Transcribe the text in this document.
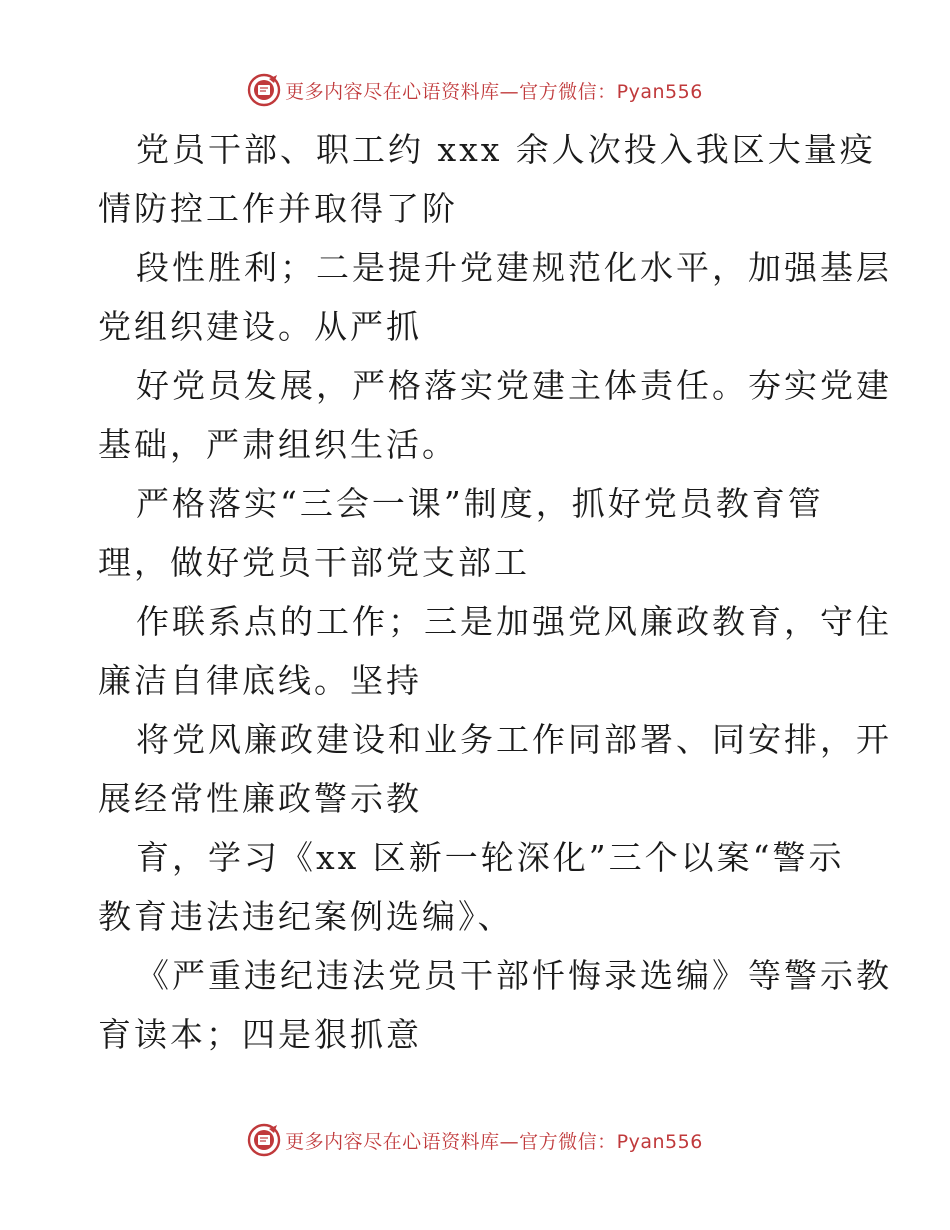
更多内容尽在心语资料库—官方微信：Pyan556
党员干部、职工约 xxx 余人次投入我区大量疫
情防控工作并取得了阶
段性胜利；二是提升党建规范化水平，加强基层
党组织建设。从严抓
好党员发展，严格落实党建主体责任。夯实党建
基础，严肃组织生活。
严格落实“三会一课”制度，抓好党员教育管
理，做好党员干部党支部工
作联系点的工作；三是加强党风廉政教育，守住
廉洁自律底线。坚持
将党风廉政建设和业务工作同部署、同安排，开
展经常性廉政警示教
育，学习《xx 区新一轮深化”三个以案“警示
教育违法违纪案例选编》、
《严重违纪违法党员干部忏悔录选编》等警示教
育读本；四是狠抓意
更多内容尽在心语资料库—官方微信：Pyan556
